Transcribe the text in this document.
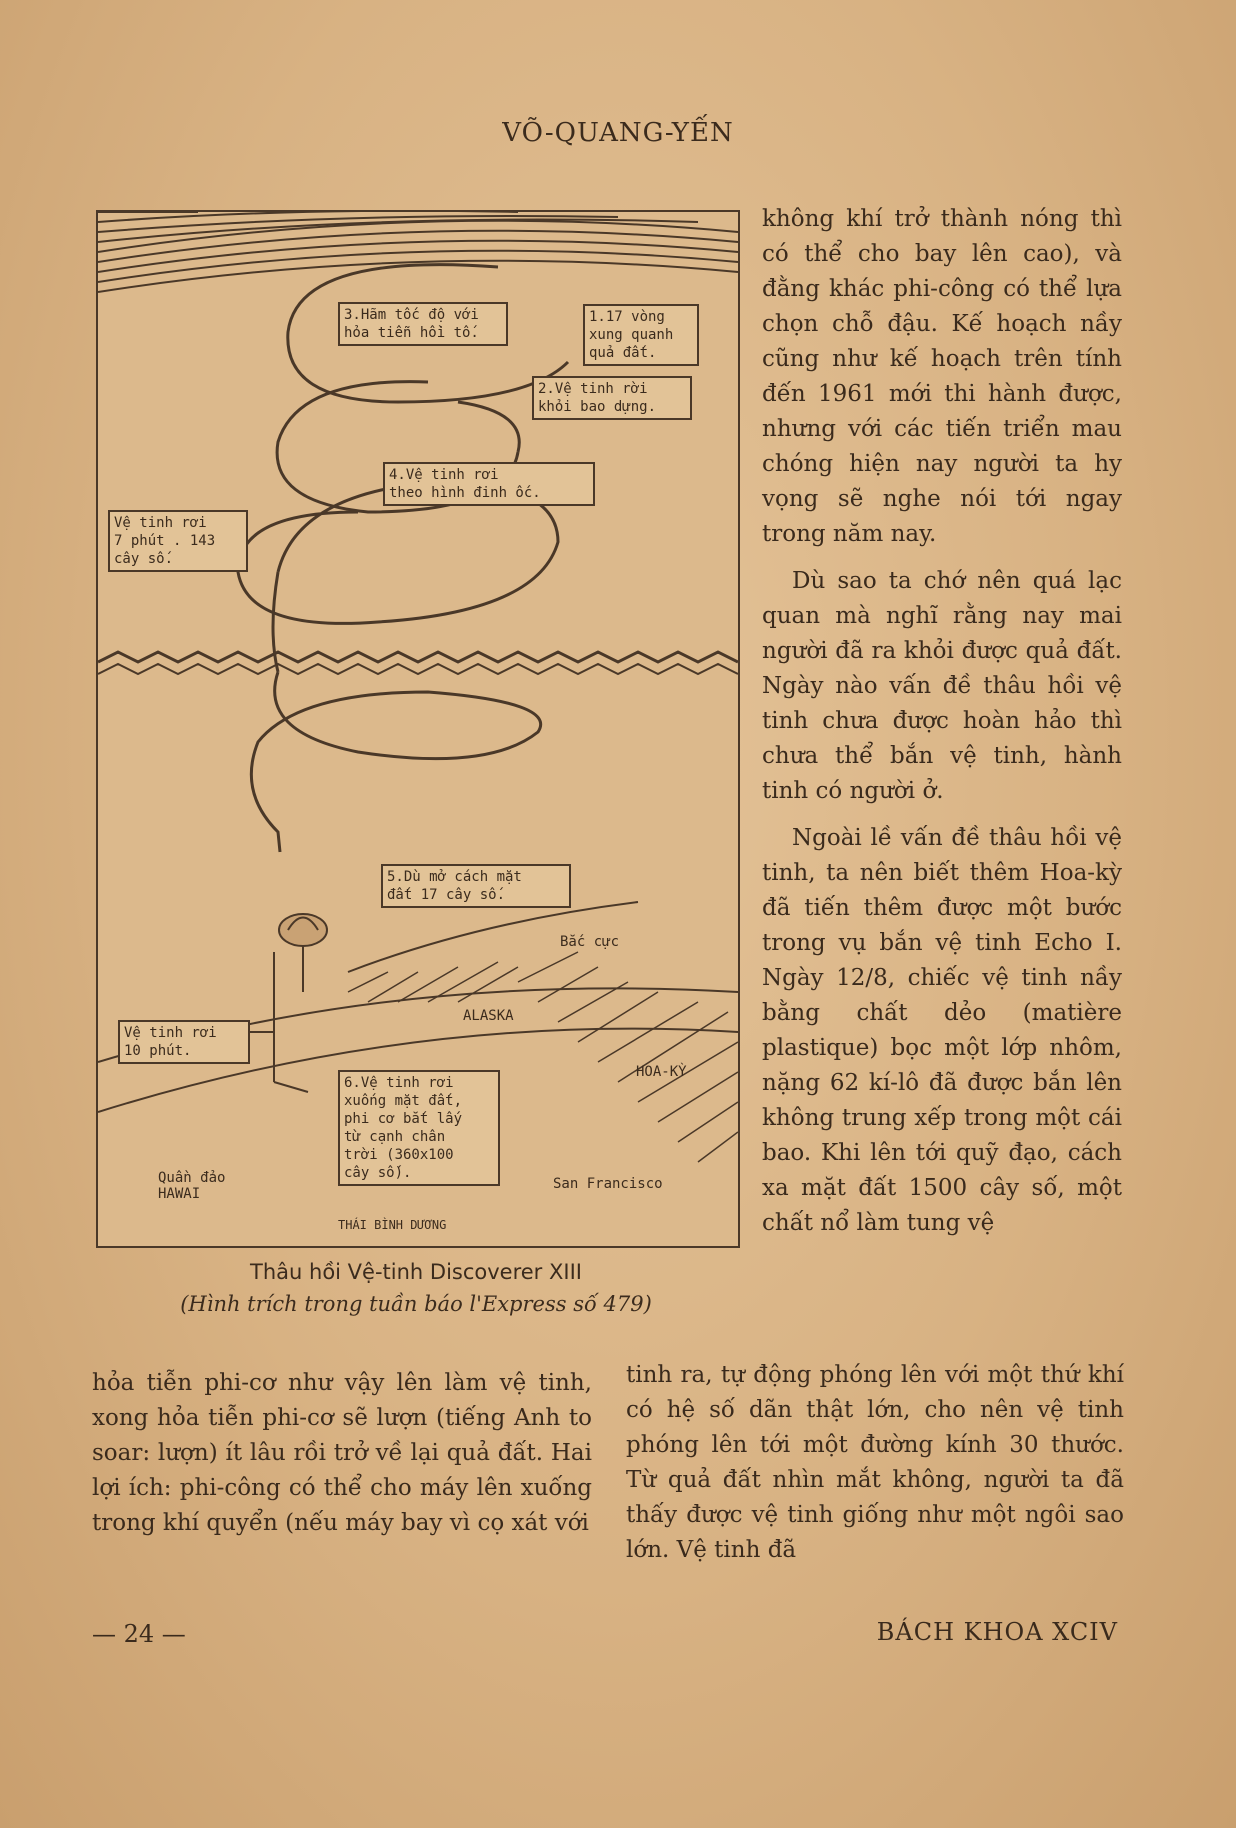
VÕ-QUANG-YẾN
3.Hãm tốc độ với
hỏa tiễn hồi tố.
1.17 vòng
xung quanh
quả đất.
2.Vệ tinh rời
khỏi bao dựng.
4.Vệ tinh rơi
theo hình đinh ốc.
Vệ tinh rơi
7 phút . 143
cây số.
5.Dù mở cách mặt
đất 17 cây số.
Vệ tinh rơi
10 phút.
6.Vệ tinh rơi
xuống mặt đất,
phi cơ bắt lấy
từ cạnh chân
trời (360x100
cây số).
Bắc cực
ALASKA
HOA-KỲ
Quần đảo
HAWAI
San Francisco
THÁI BÌNH DƯƠNG
Thâu hồi Vệ-tinh Discoverer XIII
(Hình trích trong tuần báo l'Express số 479)

không khí trở thành nóng thì có thể cho bay lên cao), và đằng khác phi-công có thể lựa chọn chỗ đậu. Kế hoạch nầy cũng như kế hoạch trên tính đến 1961 mới thi hành được, nhưng với các tiến triển mau chóng hiện nay người ta hy vọng sẽ nghe nói tới ngay trong năm nay.

Dù sao ta chớ nên quá lạc quan mà nghĩ rằng nay mai người đã ra khỏi được quả đất. Ngày nào vấn đề thâu hồi vệ tinh chưa được hoàn hảo thì chưa thể bắn vệ tinh, hành tinh có người ở.

Ngoài lề vấn đề thâu hồi vệ tinh, ta nên biết thêm Hoa-kỳ đã tiến thêm được một bước trong vụ bắn vệ tinh Echo I. Ngày 12/8, chiếc vệ tinh nầy bằng chất dẻo (matière plastique) bọc một lớp nhôm, nặng 62 kí-lô đã được bắn lên không trung xếp trong một cái bao. Khi lên tới quỹ đạo, cách xa mặt đất 1500 cây số, một chất nổ làm tung vệ

hỏa tiễn phi-cơ như vậy lên làm vệ tinh, xong hỏa tiễn phi-cơ sẽ lượn (tiếng Anh to soar: lượn) ít lâu rồi trở về lại quả đất. Hai lợi ích: phi-công có thể cho máy lên xuống trong khí quyển (nếu máy bay vì cọ xát với

tinh ra, tự động phóng lên với một thứ khí có hệ số dãn thật lớn, cho nên vệ tinh phóng lên tới một đường kính 30 thước. Từ quả đất nhìn mắt không, người ta đã thấy được vệ tinh giống như một ngôi sao lớn. Vệ tinh đã

— 24 —	BÁCH KHOA XCIV
